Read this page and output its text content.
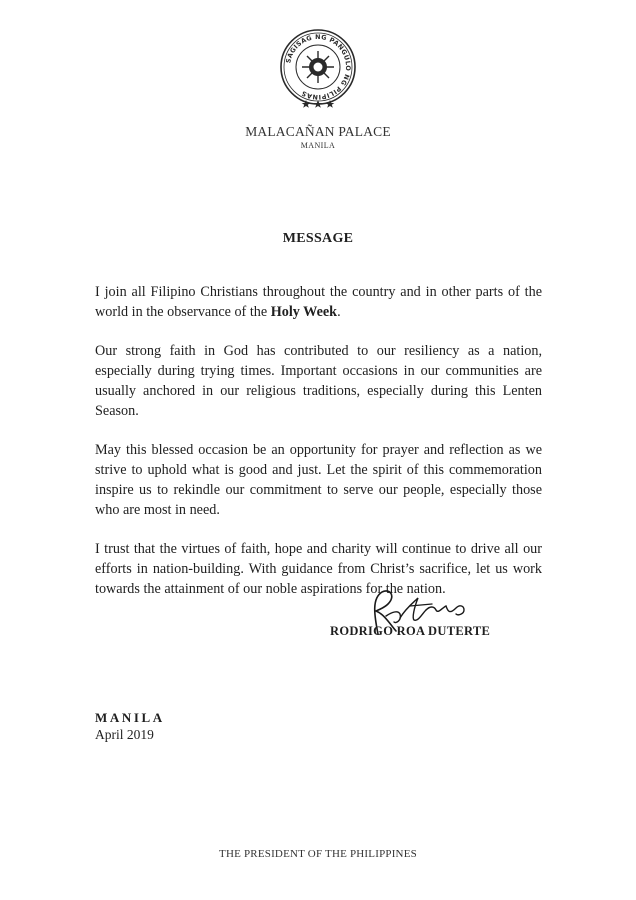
SAGISAG NG PANGULO NG PILIPINAS
MALACAÑAN PALACE
MANILA
MESSAGE

I join all Filipino Christians throughout the country and in other parts of the world in the observance of the Holy Week.

Our strong faith in God has contributed to our resiliency as a nation, especially during trying times. Important occasions in our communities are usually anchored in our religious traditions, especially during this Lenten Season.

May this blessed occasion be an opportunity for prayer and reflection as we strive to uphold what is good and just. Let the spirit of this commemoration inspire us to rekindle our commitment to serve our people, especially those who are most in need.

I trust that the virtues of faith, hope and charity will continue to drive all our efforts in nation-building. With guidance from Christ’s sacrifice, let us work towards the attainment of our noble aspirations for the nation.

RODRIGO ROA DUTERTE
MANILA
April 2019
THE PRESIDENT OF THE PHILIPPINES
